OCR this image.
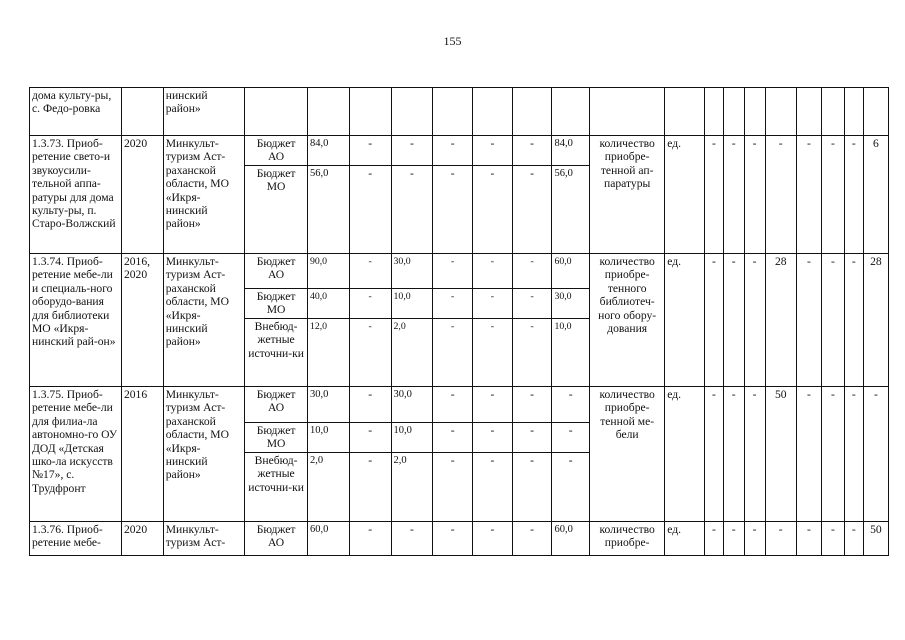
155
дома культу-ры, с. Федо-ровка		нинский район»																		
1.3.73. Приоб-ретение свето-и звукоусили-тельной аппа-ратуры для дома культу-ры, п. Старо-Волжский	2020	Минкульт-туризм Аст-раханской области, МО «Икря-нинский район»	Бюджет АО	84,0	-	-	-	-	-	84,0	количество приобре-тенной ап-паратуры	ед.	-	-	-	-	-	-	-	6
			Бюджет МО	56,0	-	-	-	-	-	56,0										
1.3.74. Приоб-ретение мебе-ли и специаль-ного оборудо-вания для библиотеки МО «Икря-нинский рай-он»	2016, 2020	Минкульт-туризм Аст-раханской области, МО «Икря-нинский район»	Бюджет АО	90,0	-	30,0	-	-	-	60,0	количество приобре-тенного библиотеч-ного обору-дования	ед.	-	-	-	28	-	-	-	28
			Бюджет МО	40,0	-	10,0	-	-	-	30,0										
			Внебюд-жетные источни-ки	12,0	-	2,0	-	-	-	10,0										
1.3.75. Приоб-ретение мебе-ли для филиа-ла автономно-го ОУ ДОД «Детская шко-ла искусств №17», с. Трудфронт	2016	Минкульт-туризм Аст-раханской области, МО «Икря-нинский район»	Бюджет АО	30,0	-	30,0	-	-	-	-	количество приобре-тенной ме-бели	ед.	-	-	-	50	-	-	-	-
			Бюджет МО	10,0	-	10,0	-	-	-	-										
			Внебюд-жетные источни-ки	2,0	-	2,0	-	-	-	-										
1.3.76. Приоб-ретение мебе-	2020	Минкульт-туризм Аст-	Бюджет АО	60,0	-	-	-	-	-	60,0	количество приобре-	ед.	-	-	-	-	-	-	-	50
